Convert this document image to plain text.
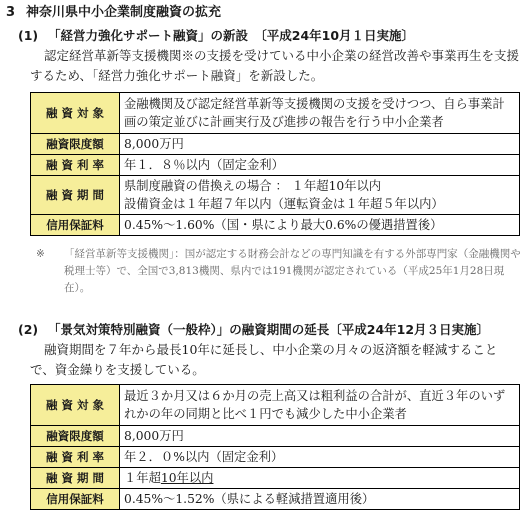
3 神奈川県中小企業制度融資の拡充
(1) 「経営力強化サポート融資」の新設　〔平成24年10月１日実施〕
認定経営革新等支援機関※の支援を受けている中小企業の経営改善や事業再生を支援するため、「経営力強化サポート融資」を新設した。
融 資 対 象	金融機関及び認定経営革新等支援機関の支援を受けつつ、自ら事業計画の策定並びに計画実行及び進捗の報告を行う中小企業者
融資限度額	8,000万円
融 資 利 率	年１．８％以内（固定金利）
融 資 期 間	県制度融資の借換えの場合 ： １年超10年以内
設備資金は１年超７年以内（運転資金は１年超５年以内）

信用保証料	0.45%～1.60%（国・県により最大0.6%の優遇措置後）
※ 「経営革新等支援機関」：国が認定する財務会計などの専門知識を有する外部専門家（金融機関や税理士等）で、全国で3,813機関、県内では191機関が認定されている（平成25年1月28日現在）。
(2) 「景気対策特別融資（一般枠）」の融資期間の延長〔平成24年12月３日実施〕
融資期間を７年から最長10年に延長し、中小企業の月々の返済額を軽減することで、資金繰りを支援している。
融 資 対 象	最近３か月又は６か月の売上高又は粗利益の合計が、直近３年のいずれかの年の同期と比べ１円でも減少した中小企業者
融資限度額	8,000万円
融 資 利 率	年２．０%以内（固定金利）
融 資 期 間	１年超10年以内
信用保証料	0.45%～1.52%（県による軽減措置適用後）
